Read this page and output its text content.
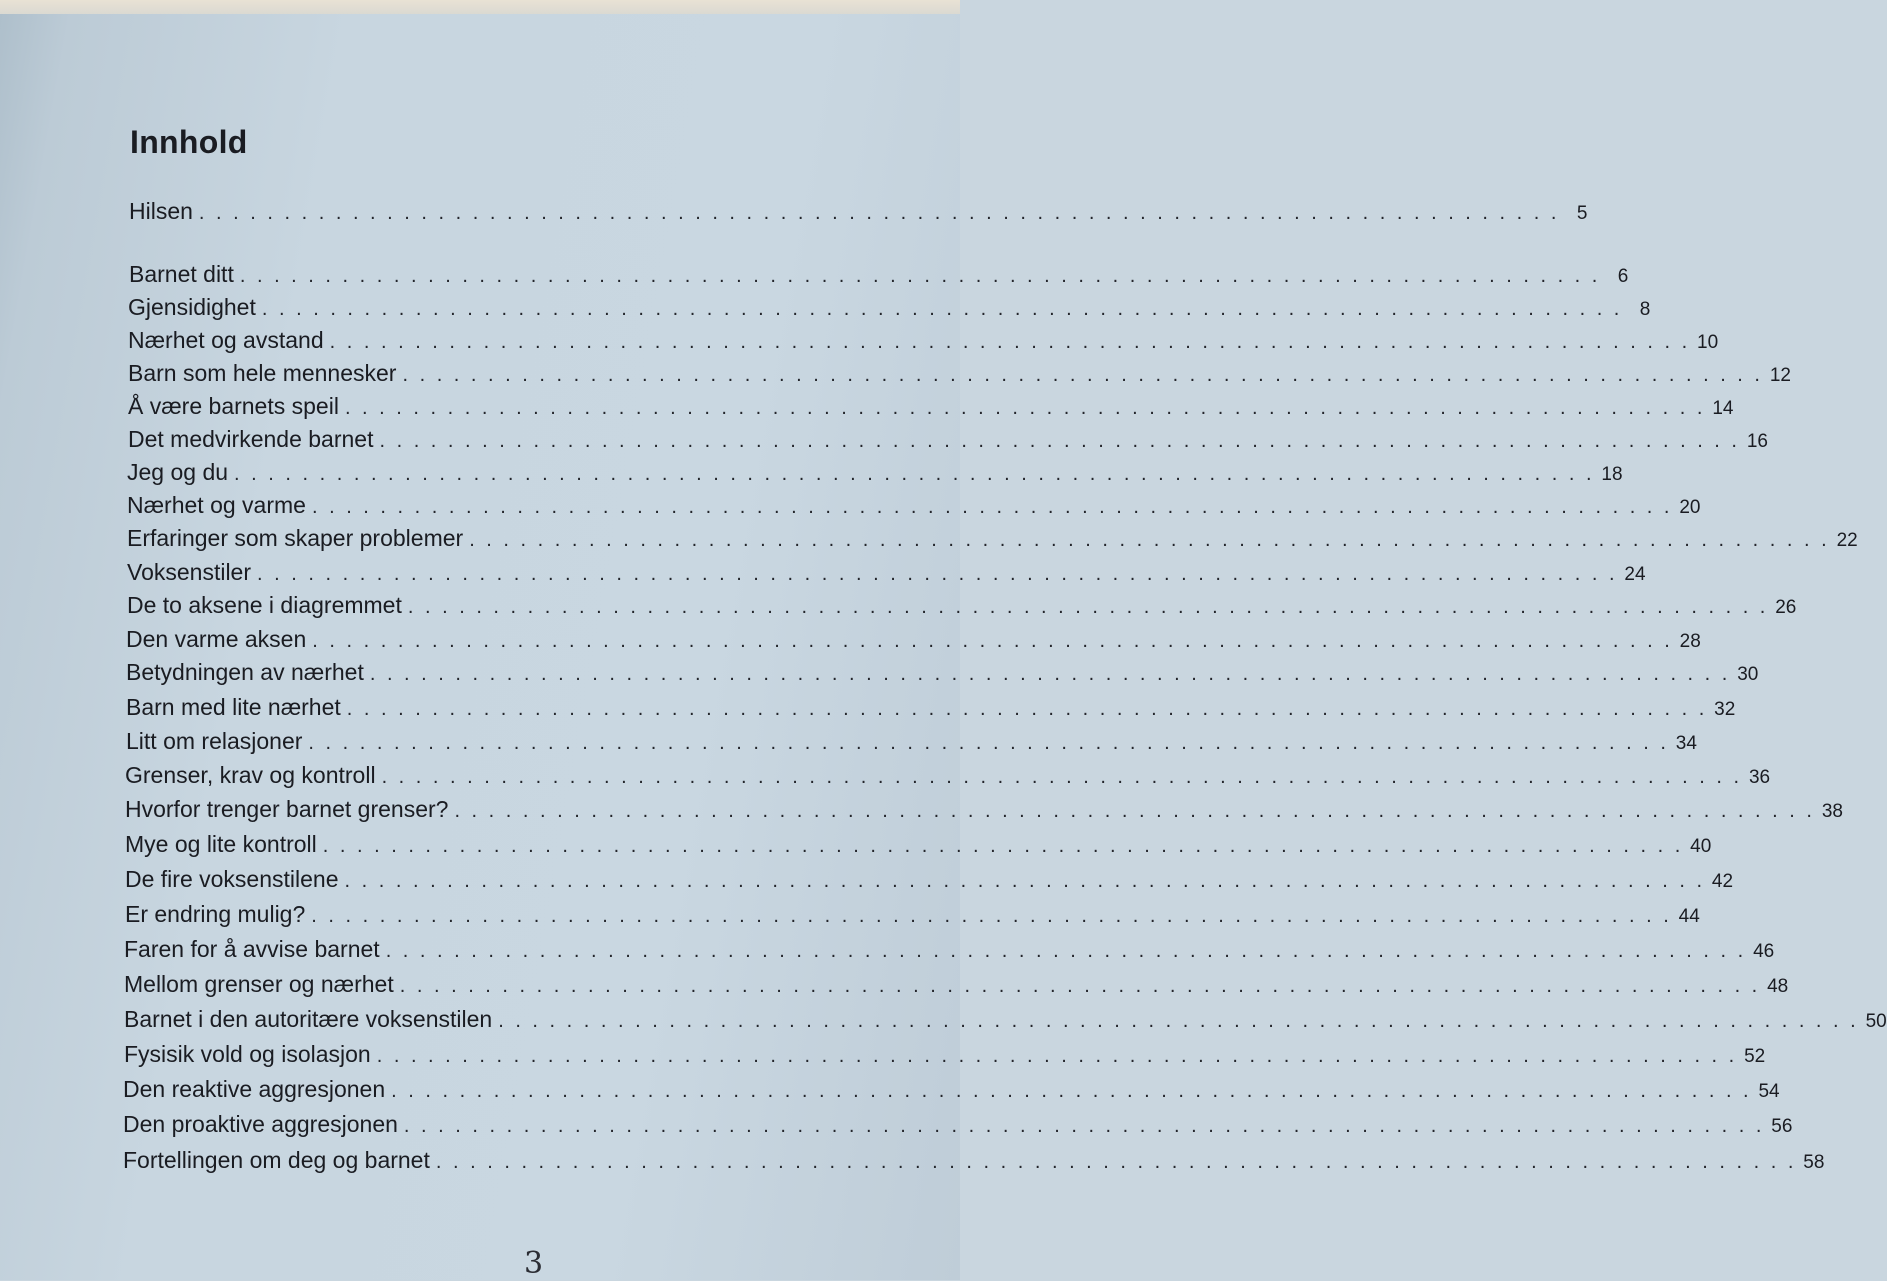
Innhold
Hilsen . . . . . . . . . . . . . . . . . . . . . . . . . . . . . . . . . . . . . . . . . . . . . . . . . . . . . . . . . . . . . . . . . . . . . . . . . . . . . . . . 5
Barnet ditt . . . . . . . . . . . . . . . . . . . . . . . . . . . . . . . . . . . . . . . . . . . . . . . . . . . . . . . . . . . . . . . . . . . . . . . . . . . . . . . . 6
Gjensidighet . . . . . . . . . . . . . . . . . . . . . . . . . . . . . . . . . . . . . . . . . . . . . . . . . . . . . . . . . . . . . . . . . . . . . . . . . . . . . . . . 8
Nærhet og avstand . . . . . . . . . . . . . . . . . . . . . . . . . . . . . . . . . . . . . . . . . . . . . . . . . . . . . . . . . . . . . . . . . . . . . . . . . . . . . . . . 10
Barn som hele mennesker . . . . . . . . . . . . . . . . . . . . . . . . . . . . . . . . . . . . . . . . . . . . . . . . . . . . . . . . . . . . . . . . . . . . . . . . . . . . . . . . 12
Å være barnets speil . . . . . . . . . . . . . . . . . . . . . . . . . . . . . . . . . . . . . . . . . . . . . . . . . . . . . . . . . . . . . . . . . . . . . . . . . . . . . . . . 14
Det medvirkende barnet . . . . . . . . . . . . . . . . . . . . . . . . . . . . . . . . . . . . . . . . . . . . . . . . . . . . . . . . . . . . . . . . . . . . . . . . . . . . . . . . 16
Jeg og du . . . . . . . . . . . . . . . . . . . . . . . . . . . . . . . . . . . . . . . . . . . . . . . . . . . . . . . . . . . . . . . . . . . . . . . . . . . . . . . . 18
Nærhet og varme . . . . . . . . . . . . . . . . . . . . . . . . . . . . . . . . . . . . . . . . . . . . . . . . . . . . . . . . . . . . . . . . . . . . . . . . . . . . . . . . 20
Erfaringer som skaper problemer . . . . . . . . . . . . . . . . . . . . . . . . . . . . . . . . . . . . . . . . . . . . . . . . . . . . . . . . . . . . . . . . . . . . . . . . . . . . . . . . 22
Voksenstiler . . . . . . . . . . . . . . . . . . . . . . . . . . . . . . . . . . . . . . . . . . . . . . . . . . . . . . . . . . . . . . . . . . . . . . . . . . . . . . . . 24
De to aksene i diagremmet . . . . . . . . . . . . . . . . . . . . . . . . . . . . . . . . . . . . . . . . . . . . . . . . . . . . . . . . . . . . . . . . . . . . . . . . . . . . . . . . 26
Den varme aksen . . . . . . . . . . . . . . . . . . . . . . . . . . . . . . . . . . . . . . . . . . . . . . . . . . . . . . . . . . . . . . . . . . . . . . . . . . . . . . . . 28
Betydningen av nærhet . . . . . . . . . . . . . . . . . . . . . . . . . . . . . . . . . . . . . . . . . . . . . . . . . . . . . . . . . . . . . . . . . . . . . . . . . . . . . . . . 30
Barn med lite nærhet . . . . . . . . . . . . . . . . . . . . . . . . . . . . . . . . . . . . . . . . . . . . . . . . . . . . . . . . . . . . . . . . . . . . . . . . . . . . . . . . 32
Litt om relasjoner . . . . . . . . . . . . . . . . . . . . . . . . . . . . . . . . . . . . . . . . . . . . . . . . . . . . . . . . . . . . . . . . . . . . . . . . . . . . . . . . 34
Grenser, krav og kontroll . . . . . . . . . . . . . . . . . . . . . . . . . . . . . . . . . . . . . . . . . . . . . . . . . . . . . . . . . . . . . . . . . . . . . . . . . . . . . . . . 36
Hvorfor trenger barnet grenser? . . . . . . . . . . . . . . . . . . . . . . . . . . . . . . . . . . . . . . . . . . . . . . . . . . . . . . . . . . . . . . . . . . . . . . . . . . . . . . . . 38
Mye og lite kontroll . . . . . . . . . . . . . . . . . . . . . . . . . . . . . . . . . . . . . . . . . . . . . . . . . . . . . . . . . . . . . . . . . . . . . . . . . . . . . . . . 40
De fire voksenstilene . . . . . . . . . . . . . . . . . . . . . . . . . . . . . . . . . . . . . . . . . . . . . . . . . . . . . . . . . . . . . . . . . . . . . . . . . . . . . . . . 42
Er endring mulig? . . . . . . . . . . . . . . . . . . . . . . . . . . . . . . . . . . . . . . . . . . . . . . . . . . . . . . . . . . . . . . . . . . . . . . . . . . . . . . . . 44
Faren for å avvise barnet . . . . . . . . . . . . . . . . . . . . . . . . . . . . . . . . . . . . . . . . . . . . . . . . . . . . . . . . . . . . . . . . . . . . . . . . . . . . . . . . 46
Mellom grenser og nærhet . . . . . . . . . . . . . . . . . . . . . . . . . . . . . . . . . . . . . . . . . . . . . . . . . . . . . . . . . . . . . . . . . . . . . . . . . . . . . . . . 48
Barnet i den autoritære voksenstilen . . . . . . . . . . . . . . . . . . . . . . . . . . . . . . . . . . . . . . . . . . . . . . . . . . . . . . . . . . . . . . . . . . . . . . . . . . . . . . . . 50
Fysisik vold og isolasjon . . . . . . . . . . . . . . . . . . . . . . . . . . . . . . . . . . . . . . . . . . . . . . . . . . . . . . . . . . . . . . . . . . . . . . . . . . . . . . . . 52
Den reaktive aggresjonen . . . . . . . . . . . . . . . . . . . . . . . . . . . . . . . . . . . . . . . . . . . . . . . . . . . . . . . . . . . . . . . . . . . . . . . . . . . . . . . . 54
Den proaktive aggresjonen . . . . . . . . . . . . . . . . . . . . . . . . . . . . . . . . . . . . . . . . . . . . . . . . . . . . . . . . . . . . . . . . . . . . . . . . . . . . . . . . 56
Fortellingen om deg og barnet . . . . . . . . . . . . . . . . . . . . . . . . . . . . . . . . . . . . . . . . . . . . . . . . . . . . . . . . . . . . . . . . . . . . . . . . . . . . . . . . 58
3
